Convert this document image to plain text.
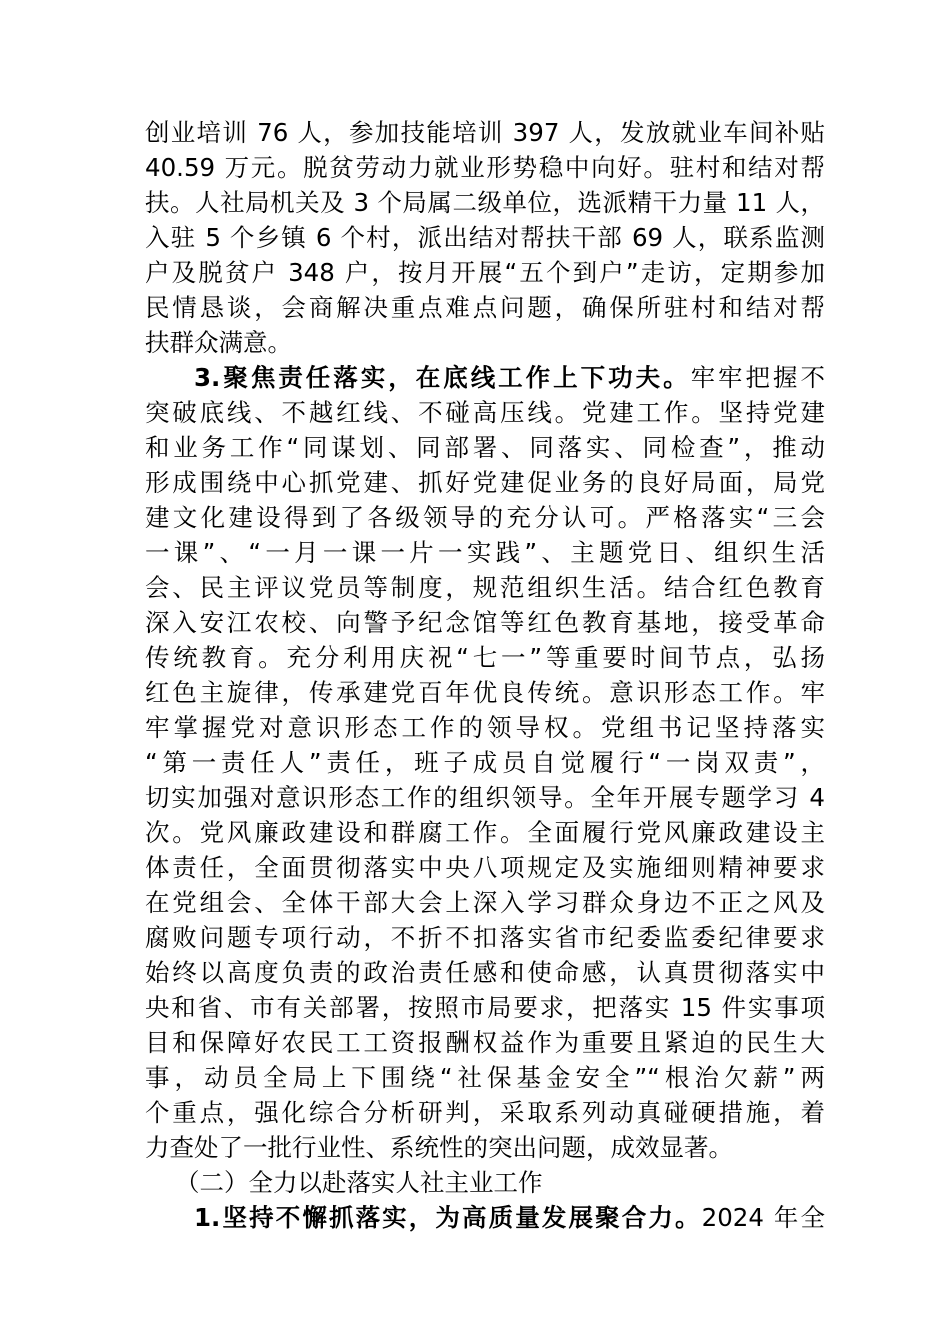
创业培训 76 人，参加技能培训 397 人，发放就业车间补贴
40.59 万元。脱贫劳动力就业形势稳中向好。驻村和结对帮
扶。人社局机关及 3 个局属二级单位，选派精干力量 11 人，
入驻 5 个乡镇 6 个村，派出结对帮扶干部 69 人，联系监测
户及脱贫户 348 户，按月开展“五个到户”走访，定期参加
民情恳谈，会商解决重点难点问题，确保所驻村和结对帮
扶群众满意。
3.聚焦责任落实，在底线工作上下功夫。牢牢把握不
突破底线、不越红线、不碰高压线。党建工作。坚持党建
和业务工作“同谋划、同部署、同落实、同检查”，推动
形成围绕中心抓党建、抓好党建促业务的良好局面，局党
建文化建设得到了各级领导的充分认可。严格落实“三会
一课”、“一月一课一片一实践”、主题党日、组织生活
会、民主评议党员等制度，规范组织生活。结合红色教育
深入安江农校、向警予纪念馆等红色教育基地，接受革命
传统教育。充分利用庆祝“七一”等重要时间节点，弘扬
红色主旋律，传承建党百年优良传统。意识形态工作。牢
牢掌握党对意识形态工作的领导权。党组书记坚持落实
“第一责任人”责任，班子成员自觉履行“一岗双责”，
切实加强对意识形态工作的组织领导。全年开展专题学习 4
次。党风廉政建设和群腐工作。全面履行党风廉政建设主
体责任，全面贯彻落实中央八项规定及实施细则精神要求
在党组会、全体干部大会上深入学习群众身边不正之风及
腐败问题专项行动，不折不扣落实省市纪委监委纪律要求
始终以高度负责的政治责任感和使命感，认真贯彻落实中
央和省、市有关部署，按照市局要求，把落实 15 件实事项
目和保障好农民工工资报酬权益作为重要且紧迫的民生大
事，动员全局上下围绕“社保基金安全”“根治欠薪”两
个重点，强化综合分析研判，采取系列动真碰硬措施，着
力查处了一批行业性、系统性的突出问题，成效显著。
（二）全力以赴落实人社主业工作
1.坚持不懈抓落实，为高质量发展聚合力。2024 年全
